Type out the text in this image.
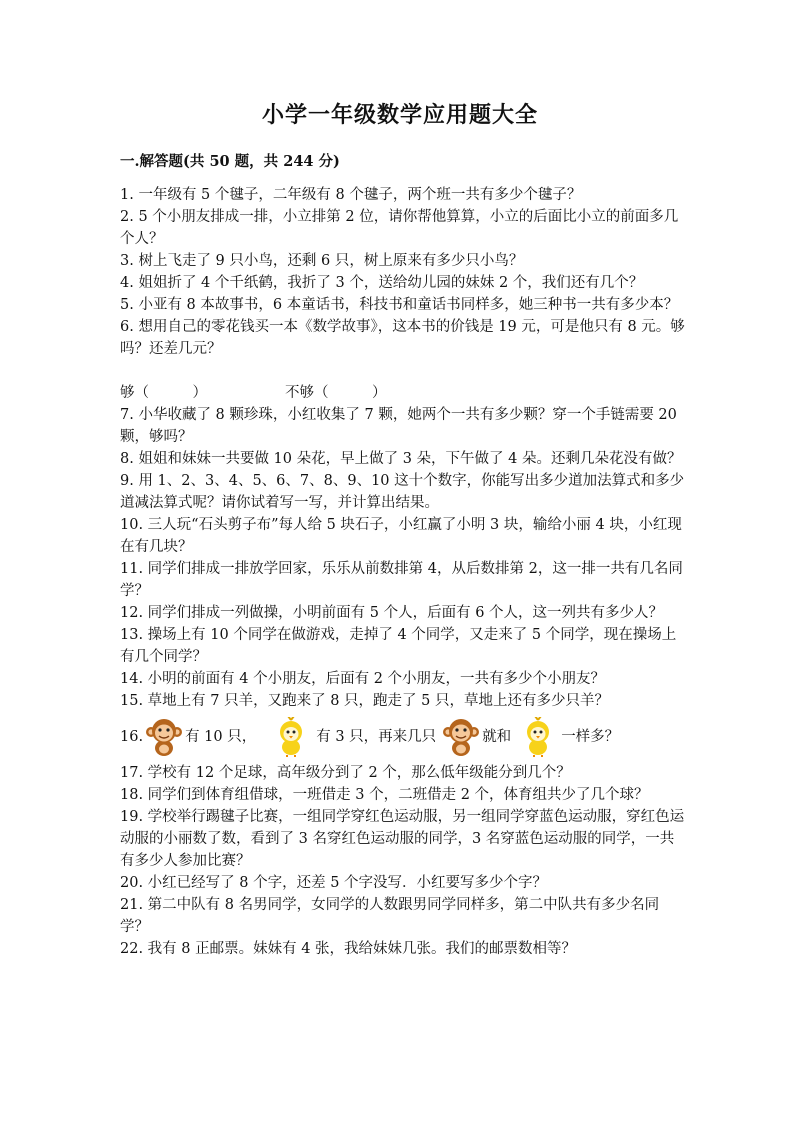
小学一年级数学应用题大全
一.解答题(共 50 题，共 244 分)

1. 一年级有 5 个毽子，二年级有 8 个毽子，两个班一共有多少个毽子？

2. 5 个小朋友排成一排，小立排第 2 位，请你帮他算算，小立的后面比小立的前面多几个人？

3. 树上飞走了 9 只小鸟，还剩 6 只，树上原来有多少只小鸟？

4. 姐姐折了 4 个千纸鹤，我折了 3 个，送给幼儿园的妹妹 2 个，我们还有几个？

5. 小亚有 8 本故事书，6 本童话书，科技书和童话书同样多，她三种书一共有多少本？

6. 想用自己的零花钱买一本《数学故事》，这本书的价钱是 19 元，可是他只有 8 元。够吗？还差几元？

够（　　　）	不够（　　　）

7. 小华收藏了 8 颗珍珠，小红收集了 7 颗，她两个一共有多少颗？穿一个手链需要 20 颗，够吗？

8. 姐姐和妹妹一共要做 10 朵花，早上做了 3 朵，下午做了 4 朵。还剩几朵花没有做？

9. 用 1、2、3、4、5、6、7、8、9、10 这十个数字，你能写出多少道加法算式和多少道减法算式呢？请你试着写一写，并计算出结果。

10. 三人玩“石头剪子布”每人给 5 块石子，小红赢了小明 3 块，输给小丽 4 块，小红现在有几块？

11. 同学们排成一排放学回家，乐乐从前数排第 4，从后数排第 2，这一排一共有几名同学？

12. 同学们排成一列做操，小明前面有 5 个人，后面有 6 个人，这一列共有多少人？

13. 操场上有 10 个同学在做游戏，走掉了 4 个同学，又走来了 5 个同学，现在操场上有几个同学？

14. 小明的前面有 4 个小朋友，后面有 2 个小朋友，一共有多少个小朋友？

15. 草地上有 7 只羊，又跑来了 8 只，跑走了 5 只，草地上还有多少只羊？

16.	有 10 只，	有 3 只，再来几只	就和	一样多？

17. 学校有 12 个足球，高年级分到了 2 个，那么低年级能分到几个？

18. 同学们到体育组借球，一班借走 3 个，二班借走 2 个，体育组共少了几个球？

19. 学校举行踢毽子比赛，一组同学穿红色运动服，另一组同学穿蓝色运动服，穿红色运动服的小丽数了数，看到了 3 名穿红色运动服的同学，3 名穿蓝色运动服的同学，一共有多少人参加比赛？

20. 小红已经写了 8 个字，还差 5 个字没写．小红要写多少个字？

21. 第二中队有 8 名男同学，女同学的人数跟男同学同样多，第二中队共有多少名同学？

22. 我有 8 正邮票。妹妹有 4 张，我给妹妹几张。我们的邮票数相等？
